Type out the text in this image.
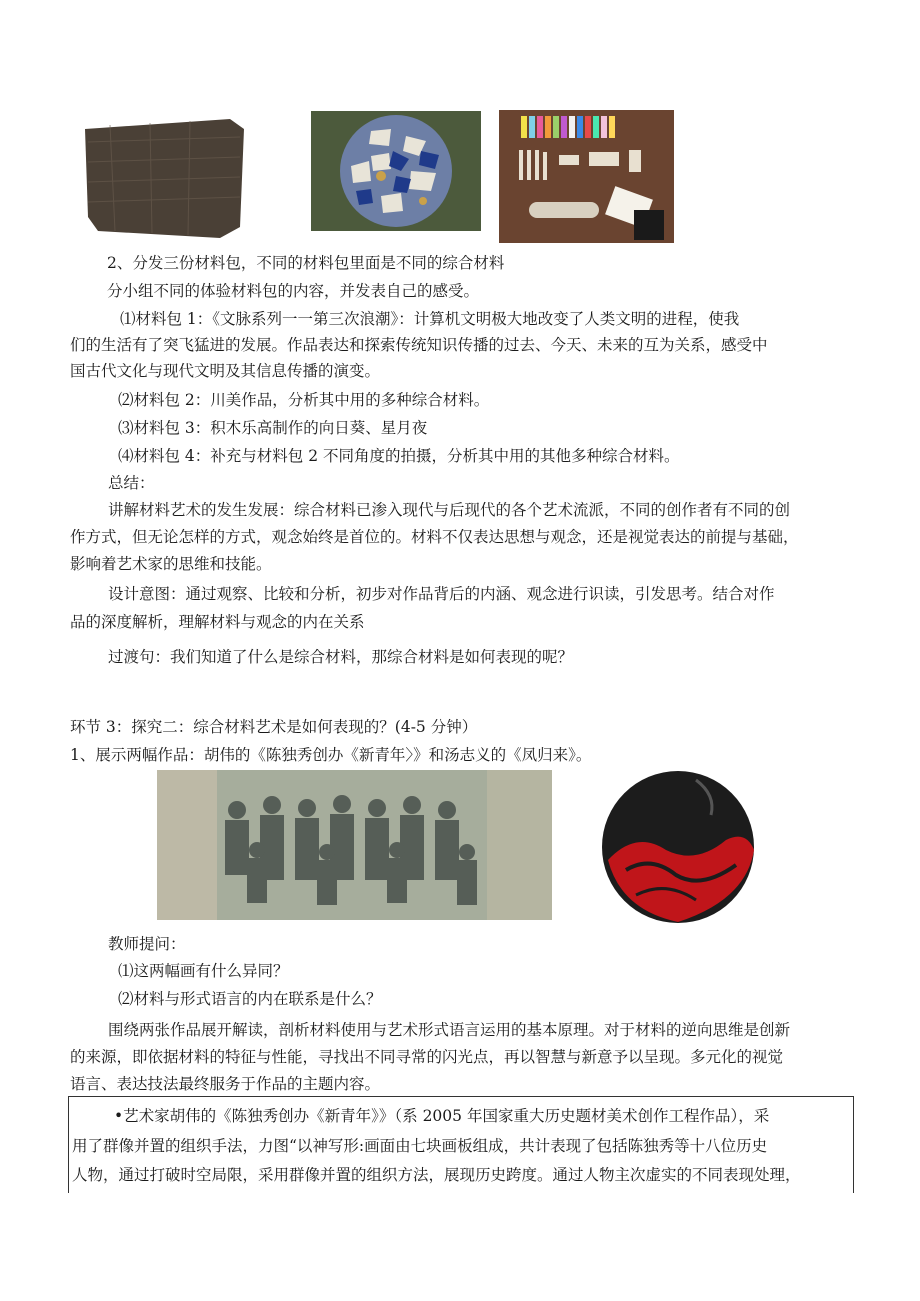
2、分发三份材料包，不同的材料包里面是不同的综合材料
分小组不同的体验材料包的内容，并发表自己的感受。
⑴材料包 1：《文脉系列一一第三次浪潮》：计算机文明极大地改变了人类文明的进程，使我
们的生活有了突飞猛进的发展。作品表达和探索传统知识传播的过去、今天、未来的互为关系，感受中
国古代文化与现代文明及其信息传播的演变。
⑵材料包 2：川美作品，分析其中用的多种综合材料。
⑶材料包 3：积木乐高制作的向日葵、星月夜
⑷材料包 4：补充与材料包 2 不同角度的拍摄，分析其中用的其他多种综合材料。
总结：
讲解材料艺术的发生发展：综合材料已渗入现代与后现代的各个艺术流派，不同的创作者有不同的创
作方式，但无论怎样的方式，观念始终是首位的。材料不仅表达思想与观念，还是视觉表达的前提与基础，
影响着艺术家的思维和技能。
设计意图：通过观察、比较和分析，初步对作品背后的内涵、观念进行识读，引发思考。结合对作
品的深度解析，理解材料与观念的内在关系
过渡句：我们知道了什么是综合材料，那综合材料是如何表现的呢？
环节 3：探究二：综合材料艺术是如何表现的？(4-5 分钟）
1、展示两幅作品：胡伟的《陈独秀创办《新青年〉》和汤志义的《凤归来》。
教师提问：
⑴这两幅画有什么异同？
⑵材料与形式语言的内在联系是什么？
围绕两张作品展开解读，剖析材料使用与艺术形式语言运用的基本原理。对于材料的逆向思维是创新
的来源，即依据材料的特征与性能，寻找出不同寻常的闪光点，再以智慧与新意予以呈现。多元化的视觉
语言、表达技法最终服务于作品的主题内容。
•艺术家胡伟的《陈独秀创办《新青年》》（系 2005 年国家重大历史题材美术创作工程作品），采
用了群像并置的组织手法，力图“以神写形:画面由七块画板组成，共计表现了包括陈独秀等十八位历史
人物，通过打破时空局限，采用群像并置的组织方法，展现历史跨度。通过人物主次虚实的不同表现处理，
